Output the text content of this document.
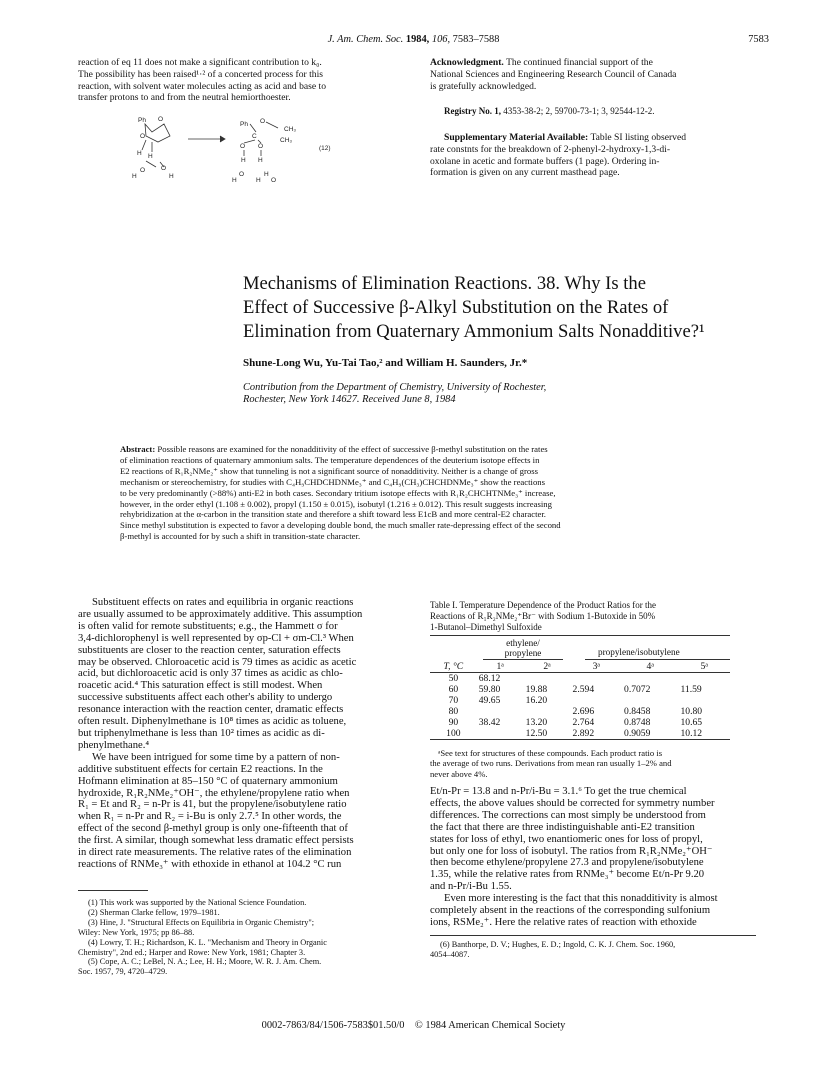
J. Am. Chem. Soc. 1984, 106, 7583–7588	7583
reaction of eq 11 does not make a significant contribution to k₀.
The possibility has been raised¹·² of a concerted process for this
reaction, with solvent water molecules acting as acid and base to
transfer protons to and from the neutral hemiorthoester.
Ph O
O
H H
H
O O
H
Ph O
CH₃
CH₃
C
O O
H H
H
O	H
O
H
(12)
Acknowledgment. The continued financial support of the
National Sciences and Engineering Research Council of Canada
is gratefully acknowledged.
Registry No. 1, 4353-38-2; 2, 59700-73-1; 3, 92544-12-2.
Supplementary Material Available: Table SI listing observed
rate constnts for the breakdown of 2-phenyl-2-hydroxy-1,3-di-
oxolane in acetic and formate buffers (1 page). Ordering in-
formation is given on any current masthead page.
Mechanisms of Elimination Reactions. 38. Why Is the
Effect of Successive β-Alkyl Substitution on the Rates of
Elimination from Quaternary Ammonium Salts Nonadditive?¹
Shune-Long Wu, Yu-Tai Tao,² and William H. Saunders, Jr.*
Contribution from the Department of Chemistry, University of Rochester,
Rochester, New York 14627. Received June 8, 1984
Abstract: Possible reasons are examined for the nonadditivity of the effect of successive β-methyl substitution on the rates
of elimination reactions of quaternary ammonium salts. The temperature dependences of the deuterium isotope effects in
E2 reactions of R₁R₂NMe₂⁺ show that tunneling is not a significant source of nonadditivity. Neither is a change of gross
mechanism or stereochemistry, for studies with C₄H₉CHDCHDNMe₃⁺ and C₄H₉(CH₃)CHCHDNMe₃⁺ show the reactions
to be very predominantly (>88%) anti-E2 in both cases. Secondary tritium isotope effects with R₁R₂CHCHTNMe₃⁺ increase,
however, in the order ethyl (1.108 ± 0.002), propyl (1.150 ± 0.015), isobutyl (1.216 ± 0.012). This result suggests increasing
rehybridization at the α-carbon in the transition state and therefore a shift toward less E1cB and more central-E2 character.
Since methyl substitution is expected to favor a developing double bond, the much smaller rate-depressing effect of the second
β-methyl is accounted for by such a shift in transition-state character.
Substituent effects on rates and equilibria in organic reactions
are usually assumed to be approximately additive. This assumption
is often valid for remote substituents; e.g., the Hammett σ for
3,4-dichlorophenyl is well represented by σp-Cl + σm-Cl.³ When
substituents are closer to the reaction center, saturation effects
may be observed. Chloroacetic acid is 79 times as acidic as acetic
acid, but dichloroacetic acid is only 37 times as acidic as chlo-
roacetic acid.⁴ This saturation effect is still modest. When
successive substituents affect each other's ability to undergo
resonance interaction with the reaction center, dramatic effects
often result. Diphenylmethane is 10⁸ times as acidic as toluene,
but triphenylmethane is less than 10² times as acidic as di-
phenylmethane.⁴
We have been intrigued for some time by a pattern of non-
additive substituent effects for certain E2 reactions. In the
Hofmann elimination at 85–150 °C of quaternary ammonium
hydroxide, R₁R₂NMe₂⁺OH⁻, the ethylene/propylene ratio when
R₁ = Et and R₂ = n-Pr is 41, but the propylene/isobutylene ratio
when R₁ = n-Pr and R₂ = i-Bu is only 2.7.⁵ In other words, the
effect of the second β-methyl group is only one-fifteenth that of
the first. A similar, though somewhat less dramatic effect persists
in direct rate measurements. The relative rates of the elimination
reactions of RNMe₃⁺ with ethoxide in ethanol at 104.2 °C run
(1) This work was supported by the National Science Foundation.
(2) Sherman Clarke fellow, 1979–1981.
(3) Hine, J. "Structural Effects on Equilibria in Organic Chemistry";
Wiley: New York, 1975; pp 86–88.
(4) Lowry, T. H.; Richardson, K. L. "Mechanism and Theory in Organic
Chemistry", 2nd ed.; Harper and Rowe: New York, 1981; Chapter 3.
(5) Cope, A. C.; LeBel, N. A.; Lee, H. H.; Moore, W. R. J. Am. Chem.
Soc. 1957, 79, 4720–4729.
Table I. Temperature Dependence of the Product Ratios for the
Reactions of R₁R₂NMe₂⁺Br⁻ with Sodium 1-Butoxide in 50%
1-Butanol–Dimethyl Sulfoxide
ethylene/
propylene	propylene/isobutylene
T, °C	1ᵃ	2ᵃ	3ᵃ	4ᵃ	5ᵃ
50	68.12				
60	59.80	19.88	2.594	0.7072	11.59
70	49.65	16.20			
80			2.696	0.8458	10.80
90	38.42	13.20	2.764	0.8748	10.65
100		12.50	2.892	0.9059	10.12
ᵃSee text for structures of these compounds. Each product ratio is
the average of two runs. Derivations from mean ran usually 1–2% and
never above 4%.
Et/n-Pr = 13.8 and n-Pr/i-Bu = 3.1.⁶ To get the true chemical
effects, the above values should be corrected for symmetry number
differences. The corrections can most simply be understood from
the fact that there are three indistinguishable anti-E2 transition
states for loss of ethyl, two enantiomeric ones for loss of propyl,
but only one for loss of isobutyl. The ratios from R₁R₂NMe₂⁺OH⁻
then become ethylene/propylene 27.3 and propylene/isobutylene
1.35, while the relative rates from RNMe₃⁺ become Et/n-Pr 9.20
and n-Pr/i-Bu 1.55.
Even more interesting is the fact that this nonadditivity is almost
completely absent in the reactions of the corresponding sulfonium
ions, RSMe₂⁺. Here the relative rates of reaction with ethoxide
(6) Banthorpe, D. V.; Hughes, E. D.; Ingold, C. K. J. Chem. Soc. 1960,
4054–4087.
0002-7863/84/1506-7583$01.50/0 © 1984 American Chemical Society
